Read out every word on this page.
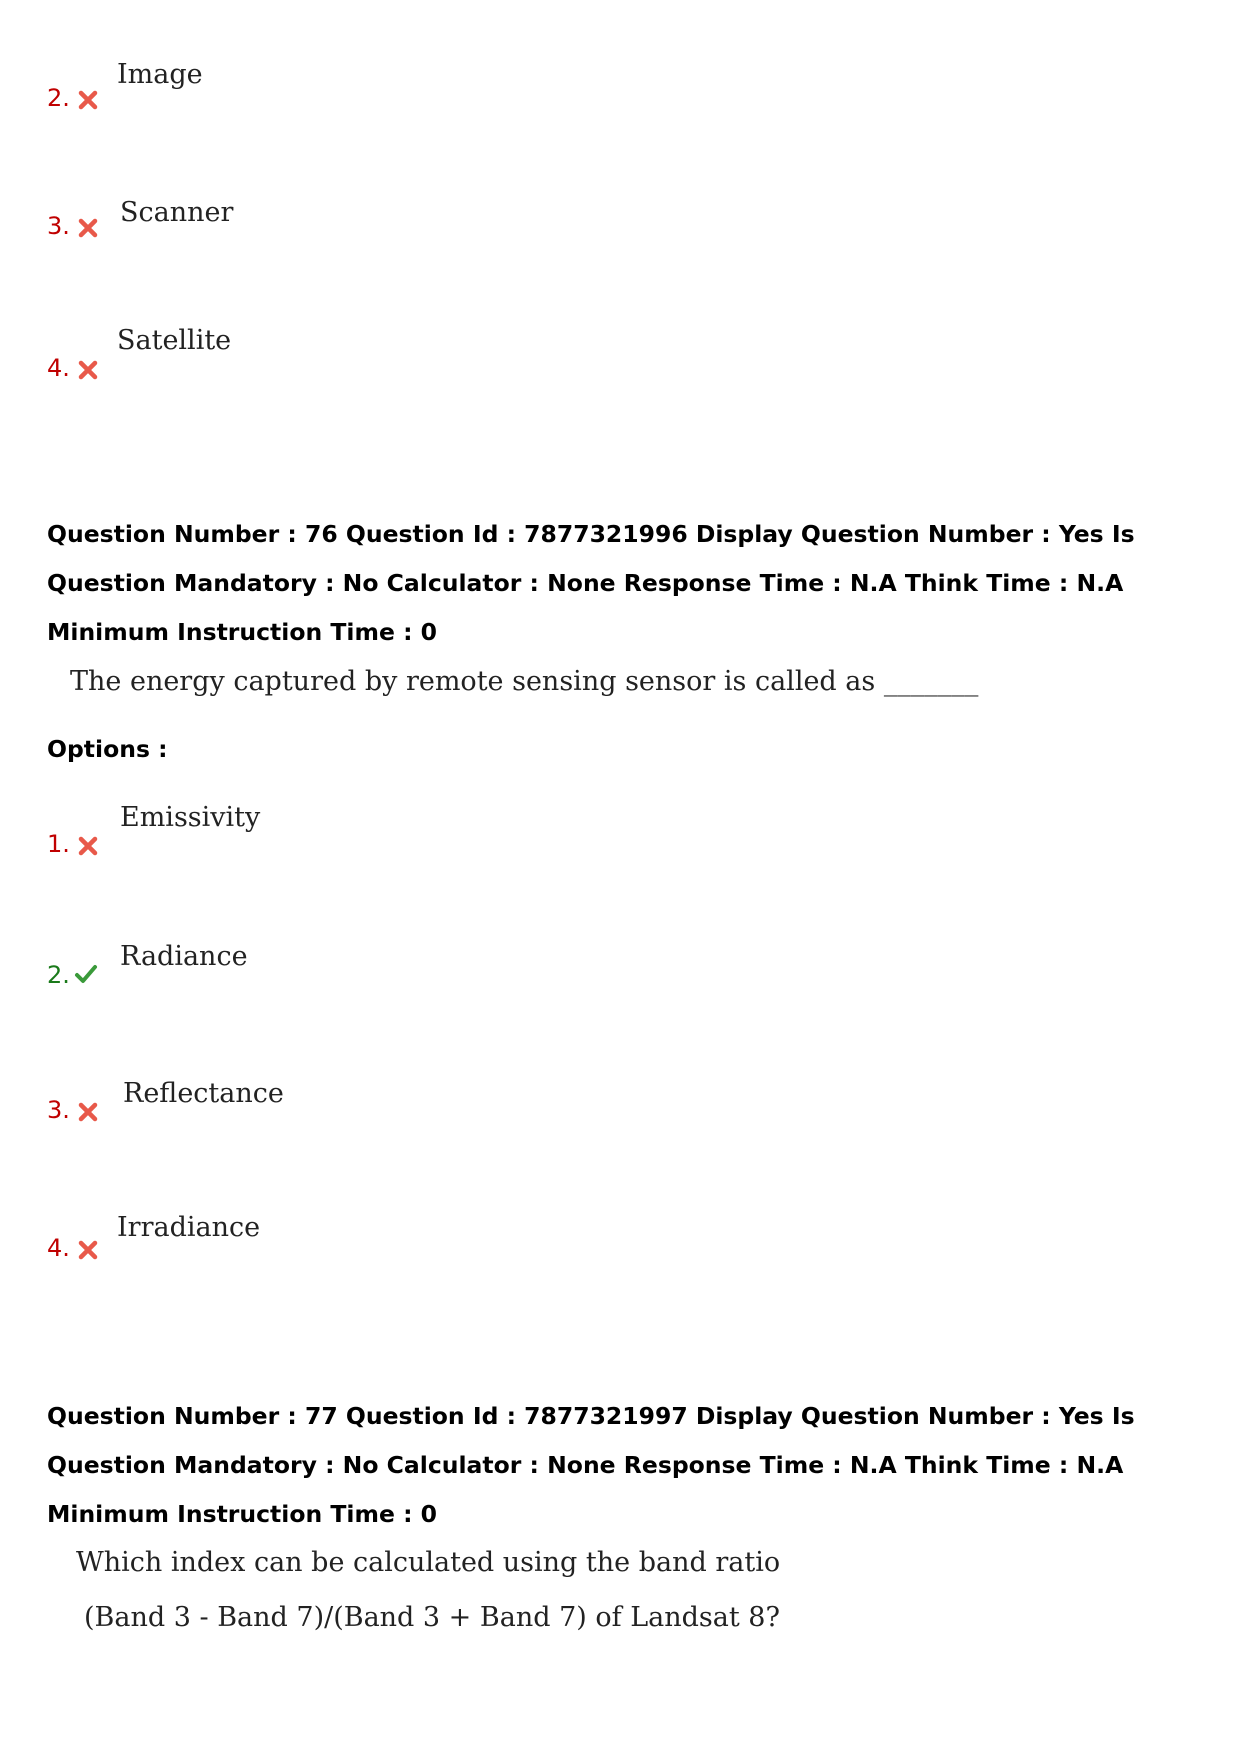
2.
Image
3. Scanner
4.
Satellite
Question Number : 76 Question Id : 7877321996 Display Question Number : Yes Is Question Mandatory : No Calculator : None Response Time : N.A Think Time : N.A Minimum Instruction Time : 0
The energy captured by remote sensing sensor is called as _______
Options :
1.
Emissivity
2.
Radiance
3.
Reflectance
4.
Irradiance
Question Number : 77 Question Id : 7877321997 Display Question Number : Yes Is Question Mandatory : No Calculator : None Response Time : N.A Think Time : N.A Minimum Instruction Time : 0
Which index can be calculated using the band ratio
(Band 3 - Band 7)/(Band 3 + Band 7) of Landsat 8?
